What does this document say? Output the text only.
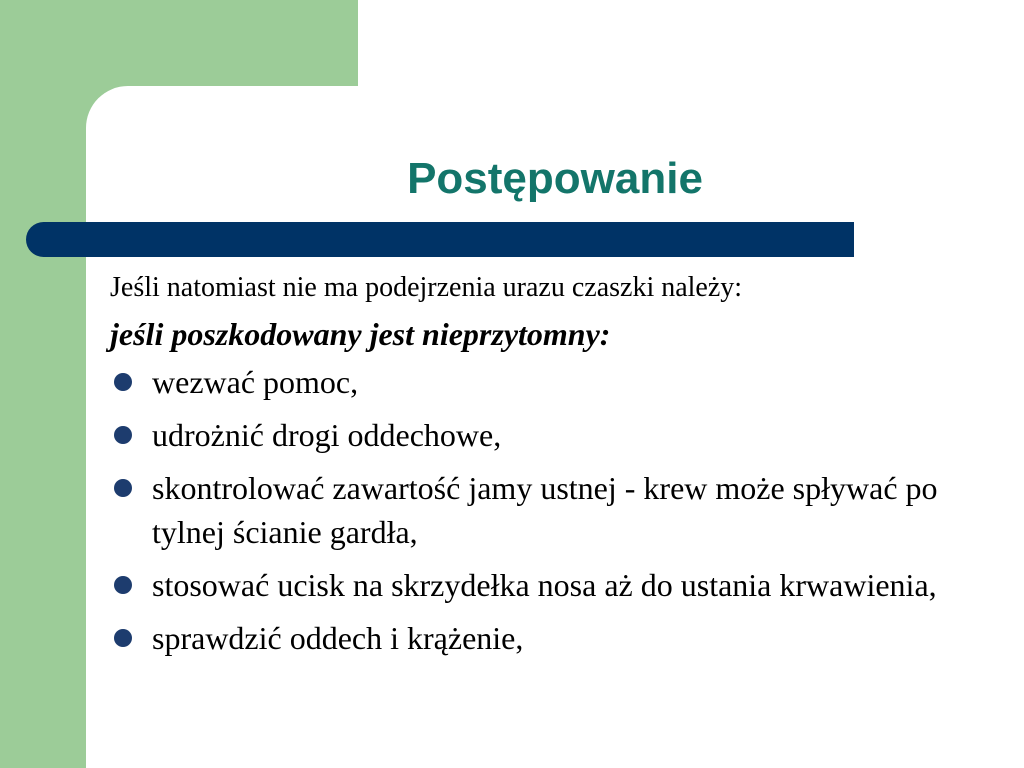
Postępowanie

Jeśli natomiast nie ma podejrzenia urazu czaszki należy:

jeśli poszkodowany jest nieprzytomny:

wezwać pomoc,
udrożnić drogi oddechowe,
skontrolować zawartość jamy ustnej - krew może spływać po tylnej ścianie gardła,
stosować ucisk na skrzydełka nosa aż do ustania krwawienia,
sprawdzić oddech i krążenie,
